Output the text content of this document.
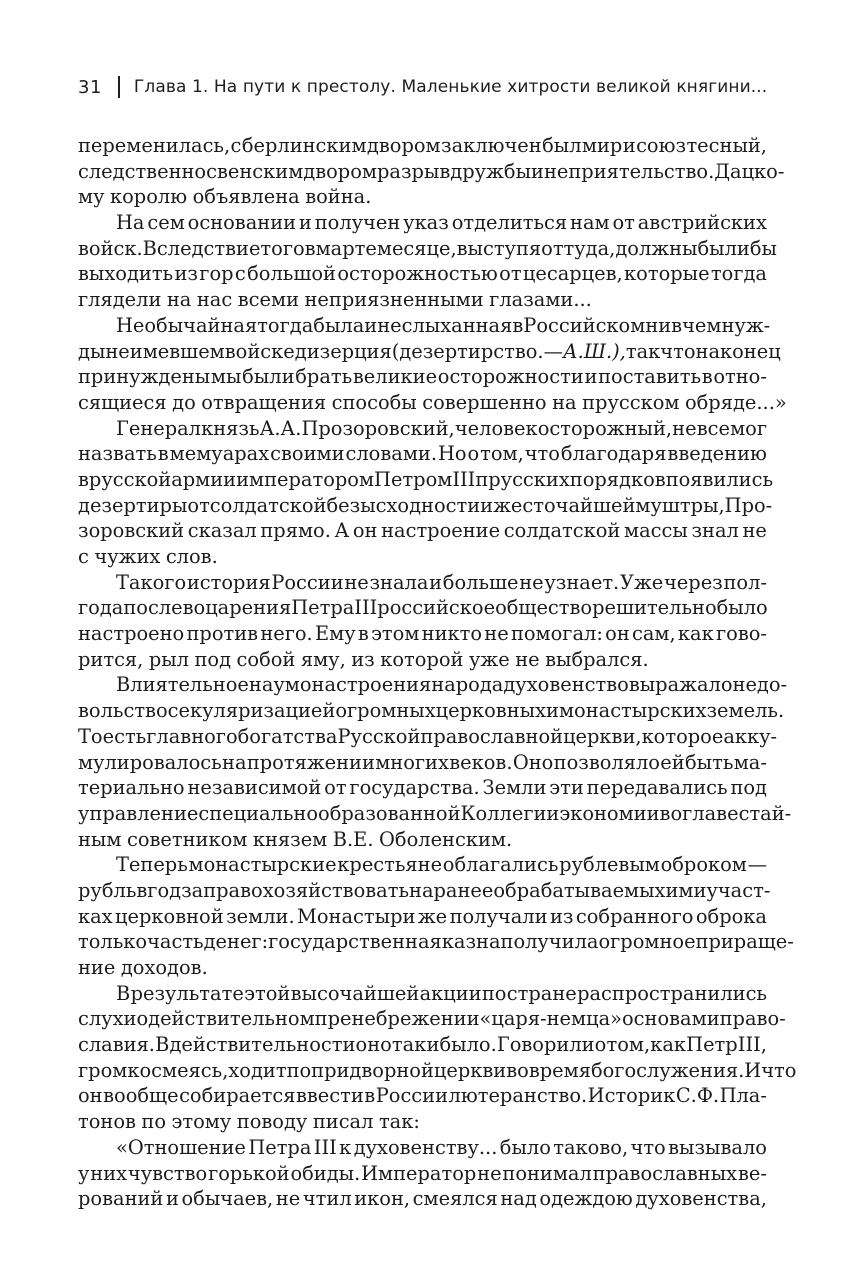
31 Глава 1. На пути к престолу. Маленькие хитрости великой княгини...
переменилась, с берлинским двором заключен был мир и союз тесный,
следственно с венским двором разрыв дружбы и неприятельство. Дацко-
му королю объявлена война.
На сем основании и получен указ отделиться нам от австрийских
войск. Вследствие того в марте месяце, выступя оттуда, должны были бы
выходить из гор с большой осторожностью от цесарцев, которые тогда
глядели на нас всеми неприязненными глазами...
Необычайная тогда была и неслыханная в Российском ни в чем нуж-
ды не имевшем войске дизерция (дезертирство. — А. Ш.), так что наконец
принуждены мы были брать великие осторожности и поставить в отно-
сящиеся до отвращения способы совершенно на прусском обряде...»
Генерал князь А.А. Прозоровский, человек осторожный, не все мог
назвать в мемуарах своими словами. Но о том, что благодаря введению
в русской армии императором Петром III прусских порядков появились
дезертиры от солдатской безысходности и жесточайшей муштры, Про-
зоровский сказал прямо. А он настроение солдатской массы знал не
с чужих слов.
Такого история России не знала и больше не узнает. Уже через пол-
года после воцарения Петра III российское общество решительно было
настроено против него. Ему в этом никто не помогал: он сам, как гово-
рится, рыл под собой яму, из которой уже не выбрался.
Влиятельное на умонастроения народа духовенство выражало недо-
вольство секуляризацией огромных церковных и монастырских земель.
То есть главного богатства Русской православной церкви, которое акку-
мулировалось на протяжении многих веков. Оно позволяло ей быть ма-
териально независимой от государства. Земли эти передавались под
управление специально образованной Коллегии экономии во главе с тай-
ным советником князем В.Е. Оболенским.
Теперь монастырские крестьяне облагались рублевым оброком —
рубль в год за право хозяйствовать на ранее обрабатываемых ими участ-
ках церковной земли. Монастыри же получали из собранного оброка
только часть денег: государственная казна получила огромное прираще-
ние доходов.
В результате этой высочайшей акции по стране распространились
слухи о действительном пренебрежении «царя-немца» основами право-
славия. В действительности оно так и было. Говорили о том, как Петр III,
громко смеясь, ходит по придворной церкви во время богослужения. И что
он вообще собирается ввести в России лютеранство. Историк С.Ф. Пла-
тонов по этому поводу писал так:
«Отношение Петра III к духовенству... было таково, что вызывало
у них чувство горькой обиды. Император не понимал православных ве-
рований и обычаев, не чтил икон, смеялся над одеждою духовенства,
